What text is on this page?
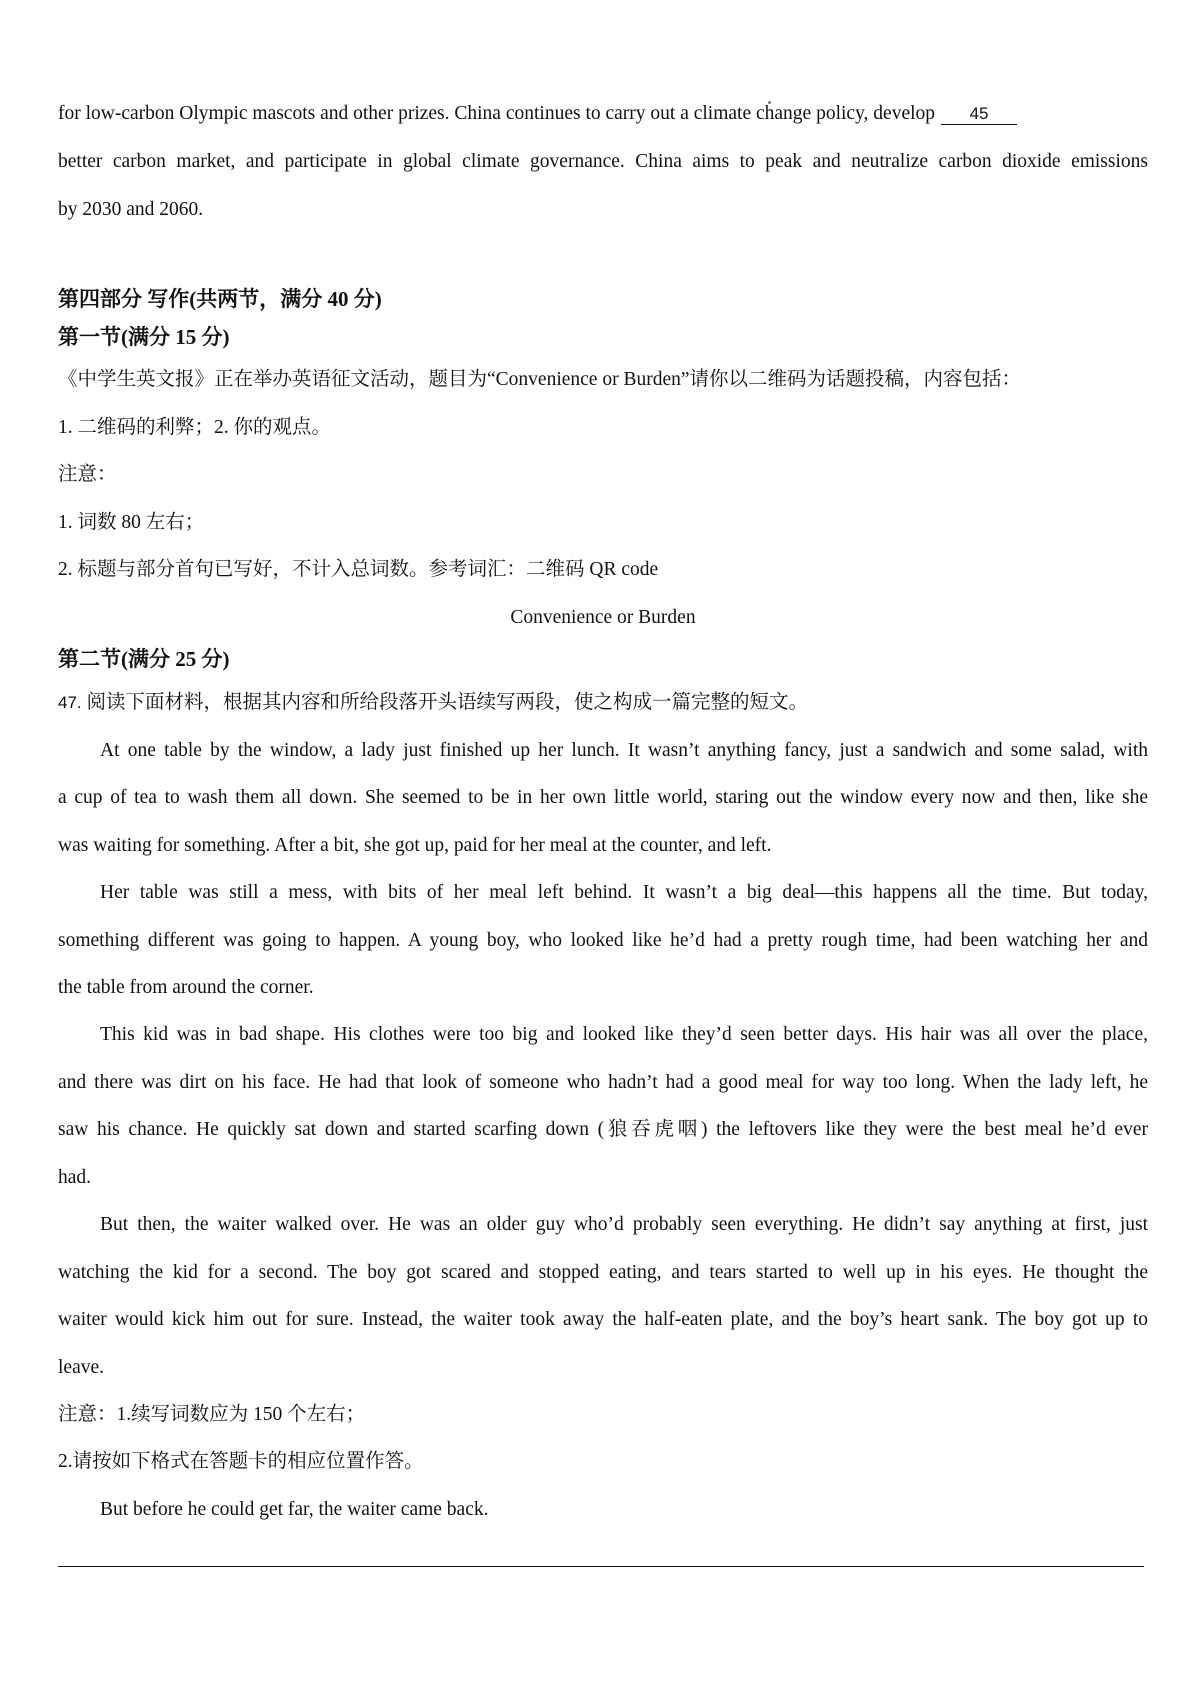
for low-carbon Olympic mascots and other prizes. China continues to carry out a climate change policy, develop 45
better carbon market, and participate in global climate governance. China aims to peak and neutralize carbon dioxide emissions
by 2030 and 2060.
第四部分 写作(共两节，满分 40 分)
第一节(满分 15 分)
《中学生英文报》正在举办英语征文活动，题目为“Convenience or Burden”请你以二维码为话题投稿，内容包括：
1. 二维码的利弊；2. 你的观点。
注意：
1. 词数 80 左右；
2. 标题与部分首句已写好，不计入总词数。参考词汇：二维码 QR code
Convenience or Burden
第二节(满分 25 分)
47. 阅读下面材料，根据其内容和所给段落开头语续写两段，使之构成一篇完整的短文。
At one table by the window, a lady just finished up her lunch. It wasn’t anything fancy, just a sandwich and some salad, with
a cup of tea to wash them all down. She seemed to be in her own little world, staring out the window every now and then, like she
was waiting for something. After a bit, she got up, paid for her meal at the counter, and left.
Her table was still a mess, with bits of her meal left behind. It wasn’t a big deal—this happens all the time. But today,
something different was going to happen. A young boy, who looked like he’d had a pretty rough time, had been watching her and
the table from around the corner.
This kid was in bad shape. His clothes were too big and looked like they’d seen better days. His hair was all over the place,
and there was dirt on his face. He had that look of someone who hadn’t had a good meal for way too long. When the lady left, he
saw his chance. He quickly sat down and started scarfing down (狼吞虎咽) the leftovers like they were the best meal he’d ever
had.
But then, the waiter walked over. He was an older guy who’d probably seen everything. He didn’t say anything at first, just
watching the kid for a second. The boy got scared and stopped eating, and tears started to well up in his eyes. He thought the
waiter would kick him out for sure. Instead, the waiter took away the half-eaten plate, and the boy’s heart sank. The boy got up to
leave.
注意：1.续写词数应为 150 个左右；
2.请按如下格式在答题卡的相应位置作答。
But before he could get far, the waiter came back.
